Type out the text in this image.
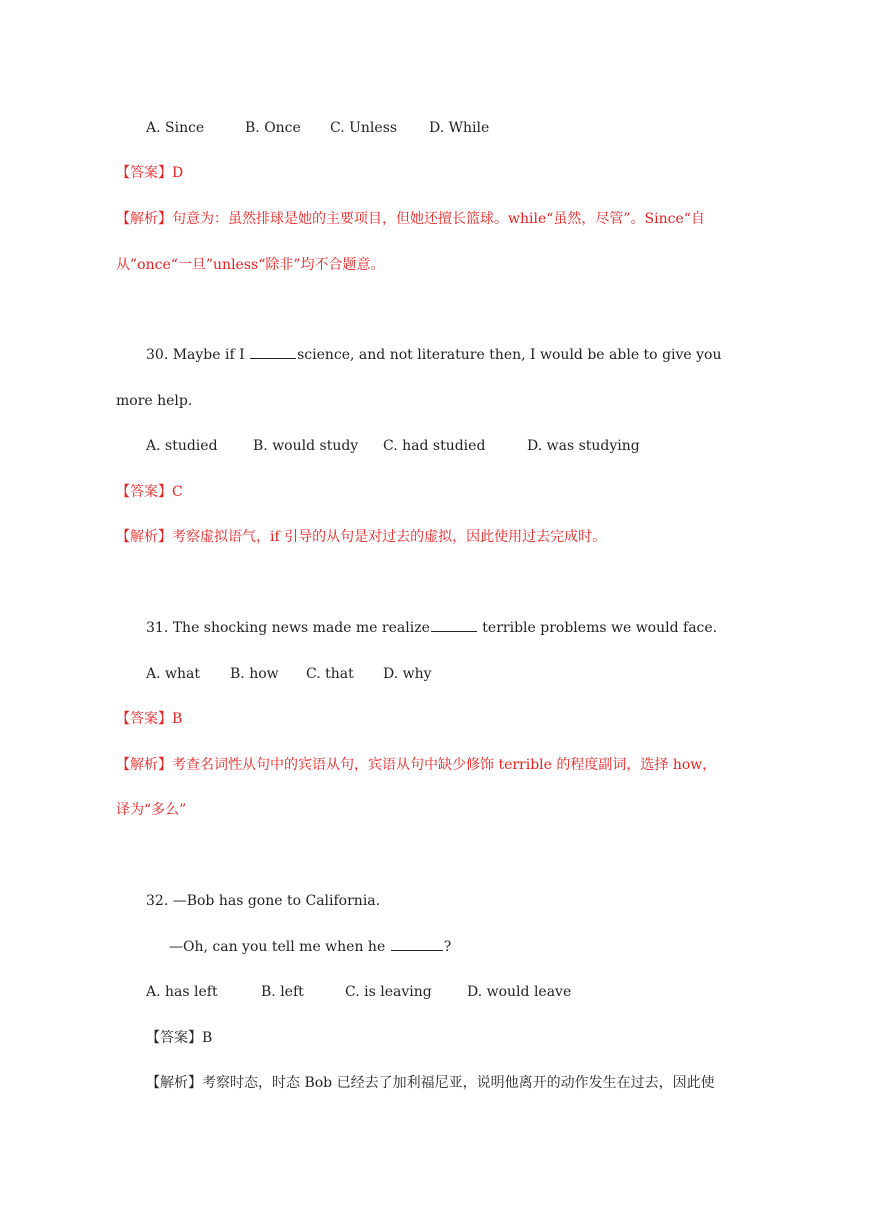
A. Since

	B. Once

C. Unless

D. While

【答案】D
【解析】句意为：虽然排球是她的主要项目，但她还擅长篮球。while“虽然，尽管”。Since“自
从”once“一旦”unless“除非”均不合题意。
30. Maybe if I	science, and not literature then, I would be able to give you
more help.

A. studied

	B. would study

C. had studied

	D. was studying

【答案】C
【解析】考察虚拟语气，if 引导的从句是对过去的虚拟，因此使用过去完成时。
31. The shocking news made me realize	terrible problems we would face.

A. what

B. how

C. that

D. why

【答案】B
【解析】考查名词性从句中的宾语从句，宾语从句中缺少修饰 terrible 的程度副词，选择 how，
译为“多么”
32. —Bob has gone to California.
—Oh, can you tell me when he	?

A. has left

	B. left

	C. is leaving

	D. would leave

【答案】B
【解析】考察时态，时态 Bob 已经去了加利福尼亚，说明他离开的动作发生在过去，因此使
